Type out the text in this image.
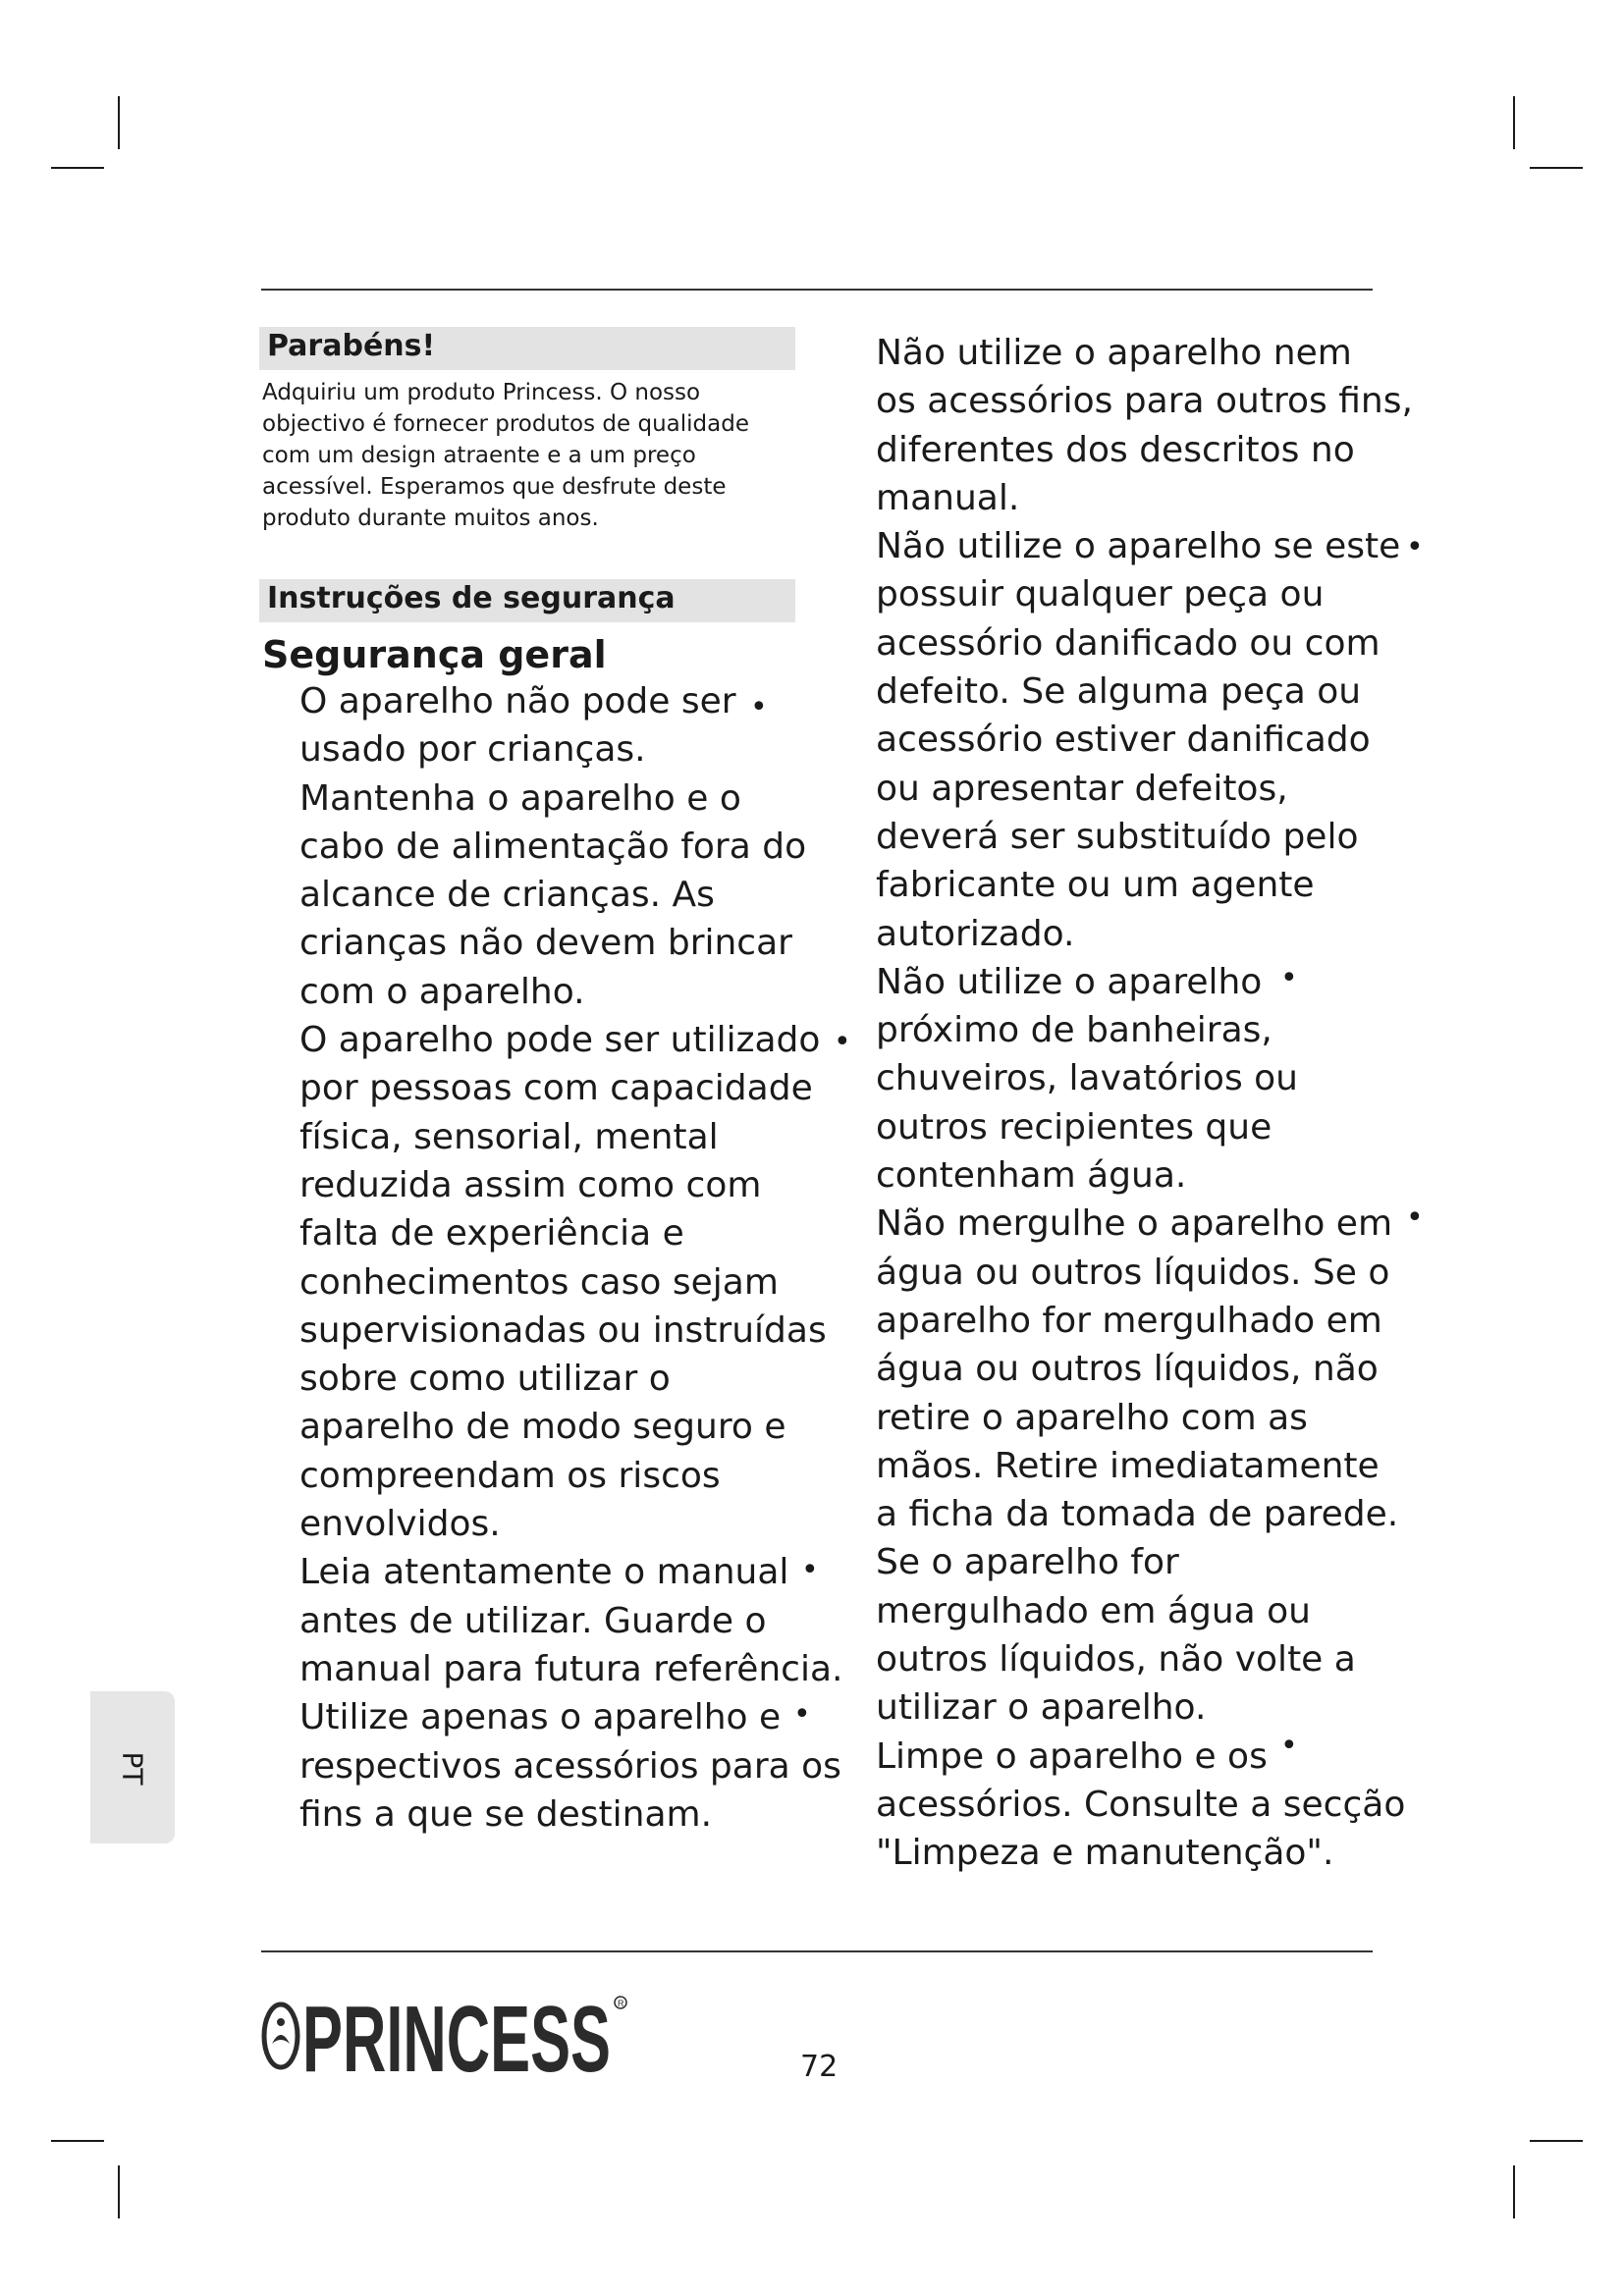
Parabéns!

Adquiriu um produto Princess. O nosso

objectivo é fornecer produtos de qualidade

com um design atraente e a um preço

acessível. Esperamos que desfrute deste

produto durante muitos anos.

Instruções de segurança
Segurança geral

O aparelho não pode ser

usado por crianças.

Mantenha o aparelho e o

cabo de alimentação fora do

alcance de crianças. As

crianças não devem brincar

com o aparelho.

O aparelho pode ser utilizado

por pessoas com capacidade

física, sensorial, mental

reduzida assim como com

falta de experiência e

conhecimentos caso sejam

supervisionadas ou instruídas

sobre como utilizar o

aparelho de modo seguro e

compreendam os riscos

envolvidos.

Leia atentamente o manual

antes de utilizar. Guarde o

manual para futura referência.

Utilize apenas o aparelho e

respectivos acessórios para os

fins a que se destinam.

Não utilize o aparelho nem

os acessórios para outros fins,

diferentes dos descritos no

manual.

Não utilize o aparelho se este

possuir qualquer peça ou

acessório danificado ou com

defeito. Se alguma peça ou

acessório estiver danificado

ou apresentar defeitos,

deverá ser substituído pelo

fabricante ou um agente

autorizado.

Não utilize o aparelho

próximo de banheiras,

chuveiros, lavatórios ou

outros recipientes que

contenham água.

Não mergulhe o aparelho em

água ou outros líquidos. Se o

aparelho for mergulhado em

água ou outros líquidos, não

retire o aparelho com as

mãos. Retire imediatamente

a ficha da tomada de parede.

Se o aparelho for

mergulhado em água ou

outros líquidos, não volte a

utilizar o aparelho.

Limpe o aparelho e os

acessórios. Consulte a secção

"Limpeza e manutenção".

•
•
•
•
•
•
•
•
PT
PRINCESS R
72
